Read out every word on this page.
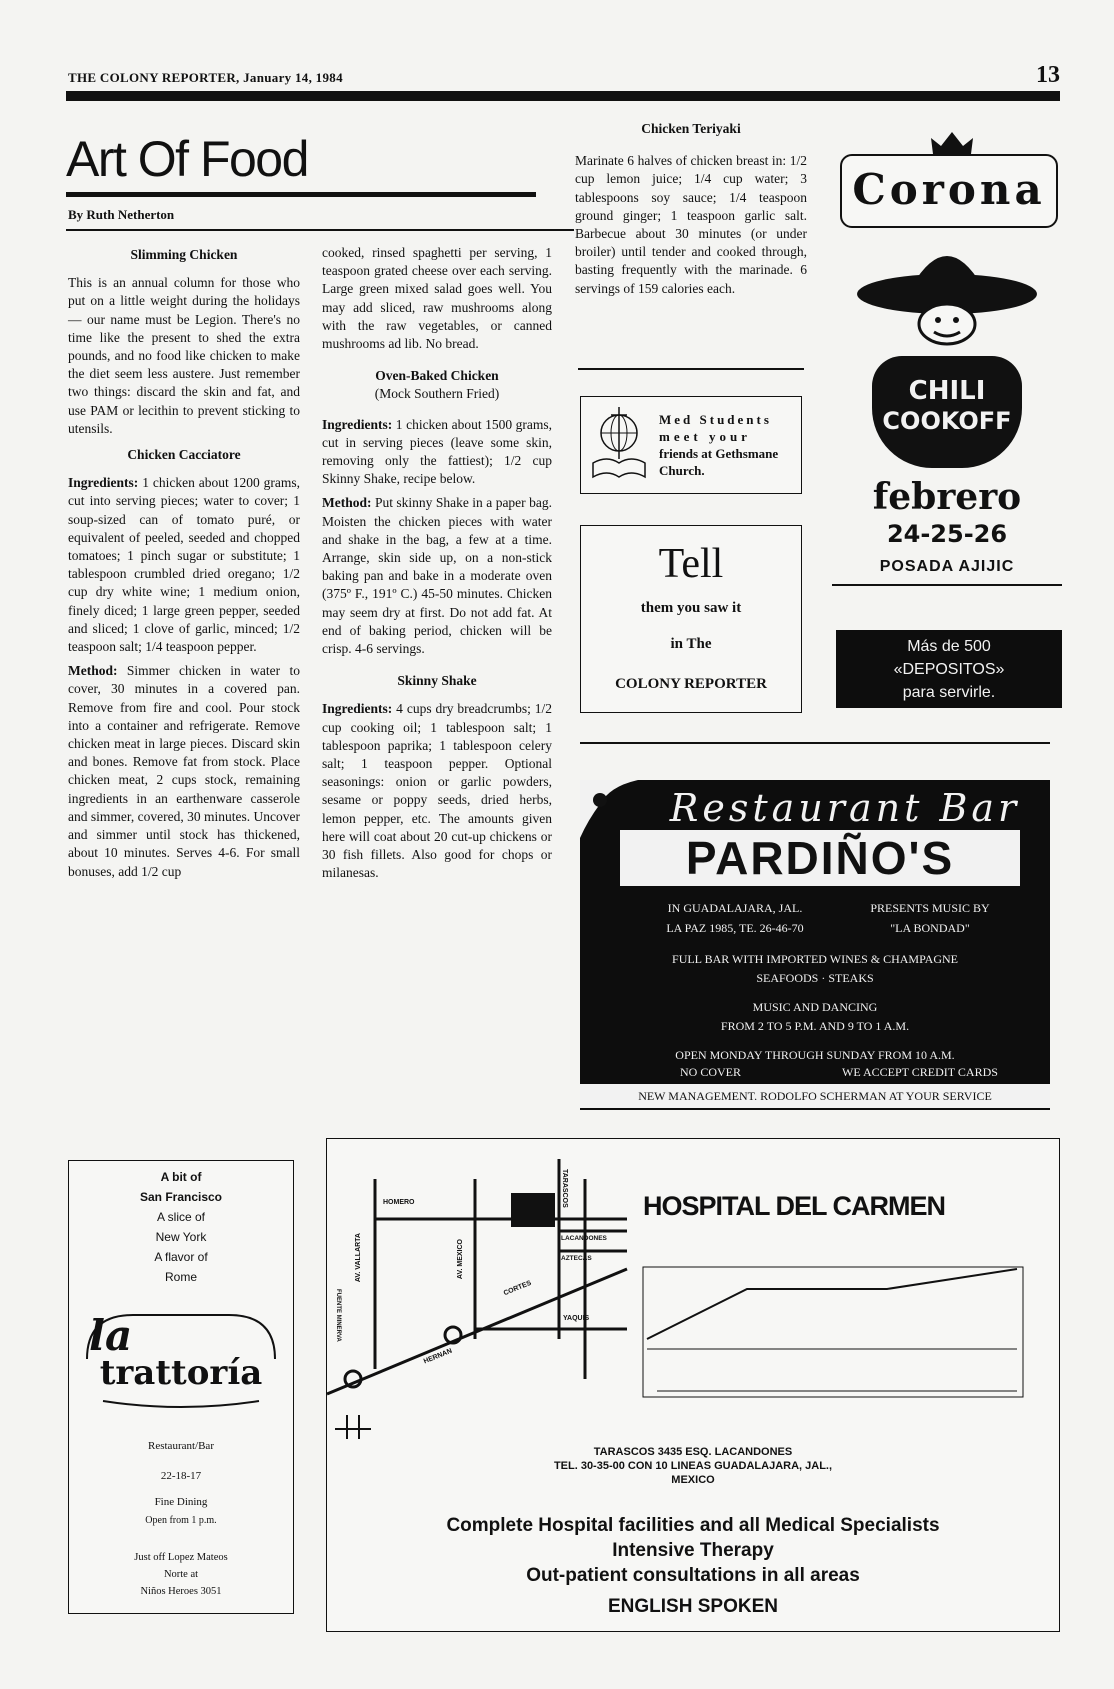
THE COLONY REPORTER, January 14, 1984	13
Art Of Food
By Ruth Netherton
Slimming Chicken

This is an annual column for those who put on a little weight during the holidays — our name must be Legion. There's no time like the present to shed the extra pounds, and no food like chicken to make the diet seem less austere. Just remember two things: discard the skin and fat, and use PAM or lecithin to prevent sticking to utensils.

Chicken Cacciatore

Ingredients: 1 chicken about 1200 grams, cut into serving pieces; water to cover; 1 soup-sized can of tomato puré, or equivalent of peeled, seeded and chopped tomatoes; 1 pinch sugar or substitute; 1 tablespoon crumbled dried oregano; 1/2 cup dry white wine; 1 medium onion, finely diced; 1 large green pepper, seeded and sliced; 1 clove of garlic, minced; 1/2 teaspoon salt; 1/4 teaspoon pepper.

Method: Simmer chicken in water to cover, 30 minutes in a covered pan. Remove from fire and cool. Pour stock into a container and refrigerate. Remove chicken meat in large pieces. Discard skin and bones. Remove fat from stock. Place chicken meat, 2 cups stock, remaining ingredients in an earthenware casserole and simmer, covered, 30 minutes. Uncover and simmer until stock has thickened, about 10 minutes. Serves 4-6. For small bonuses, add 1/2 cup

cooked, rinsed spaghetti per serving, 1 teaspoon grated cheese over each serving. Large green mixed salad goes well. You may add sliced, raw mushrooms along with the raw vegetables, or canned mushrooms ad lib. No bread.

Oven-Baked Chicken
(Mock Southern Fried)

Ingredients: 1 chicken about 1500 grams, cut in serving pieces (leave some skin, removing only the fattiest); 1/2 cup Skinny Shake, recipe below.

Method: Put skinny Shake in a paper bag. Moisten the chicken pieces with water and shake in the bag, a few at a time. Arrange, skin side up, on a non-stick baking pan and bake in a moderate oven (375º F., 191º C.) 45-50 minutes. Chicken may seem dry at first. Do not add fat. At end of baking period, chicken will be crisp. 4-6 servings.

Skinny Shake

Ingredients: 4 cups dry breadcrumbs; 1/2 cup cooking oil; 1 tablespoon salt; 1 tablespoon paprika; 1 tablespoon celery salt; 1 teaspoon pepper. Optional seasonings: onion or garlic powders, sesame or poppy seeds, dried herbs, lemon pepper, etc. The amounts given here will coat about 20 cut-up chickens or 30 fish fillets. Also good for chops or milanesas.

Chicken Teriyaki

Marinate 6 halves of chicken breast in: 1/2 cup lemon juice; 1/4 cup water; 3 tablespoons soy sauce; 1/4 teaspoon ground ginger; 1 teaspoon garlic salt. Barbecue about 30 minutes (or under broiler) until tender and cooked through, basting frequently with the marinade. 6 servings of 159 calories each.

Med Students
meet your
friends at Gethsmane Church.
Tell
them you saw it
in The
COLONY REPORTER
Corona
CHILI
COOKOFF
febrero
24-25-26
POSADA AJIJIC
Más de 500
«DEPOSITOS»
para servirle.
Restaurant Bar
PARDIÑO'S
IN GUADALAJARA, JAL.
LA PAZ 1985, TE. 26-46-70
PRESENTS MUSIC BY
"LA BONDAD"
FULL BAR WITH IMPORTED WINES & CHAMPAGNE
SEAFOODS · STEAKS
MUSIC AND DANCING
FROM 2 TO 5 P.M. AND 9 TO 1 A.M.
OPEN MONDAY THROUGH SUNDAY FROM 10 A.M.
NO COVER	WE ACCEPT CREDIT CARDS
NEW MANAGEMENT. RODOLFO SCHERMAN AT YOUR SERVICE
A bit of
San Francisco
A slice of
New York
A flavor of
Rome
la
trattoría
Restaurant/Bar
22-18-17
Fine Dining
Open from 1 p.m.
Just off Lopez Mateos
Norte at
Niños Heroes 3051
HOMERO	TARASCOS
LACANDONES
AZTECAS
AV. VALLARTA	AV. MEXICO
CORTES
HERNAN
YAQUIS
FUENTE MINERVA
HOSPITAL DEL CARMEN
TARASCOS 3435 ESQ. LACANDONES
TEL. 30-35-00 CON 10 LINEAS GUADALAJARA, JAL.,
MEXICO
Complete Hospital facilities and all Medical Specialists
Intensive Therapy
Out-patient consultations in all areas
ENGLISH SPOKEN
